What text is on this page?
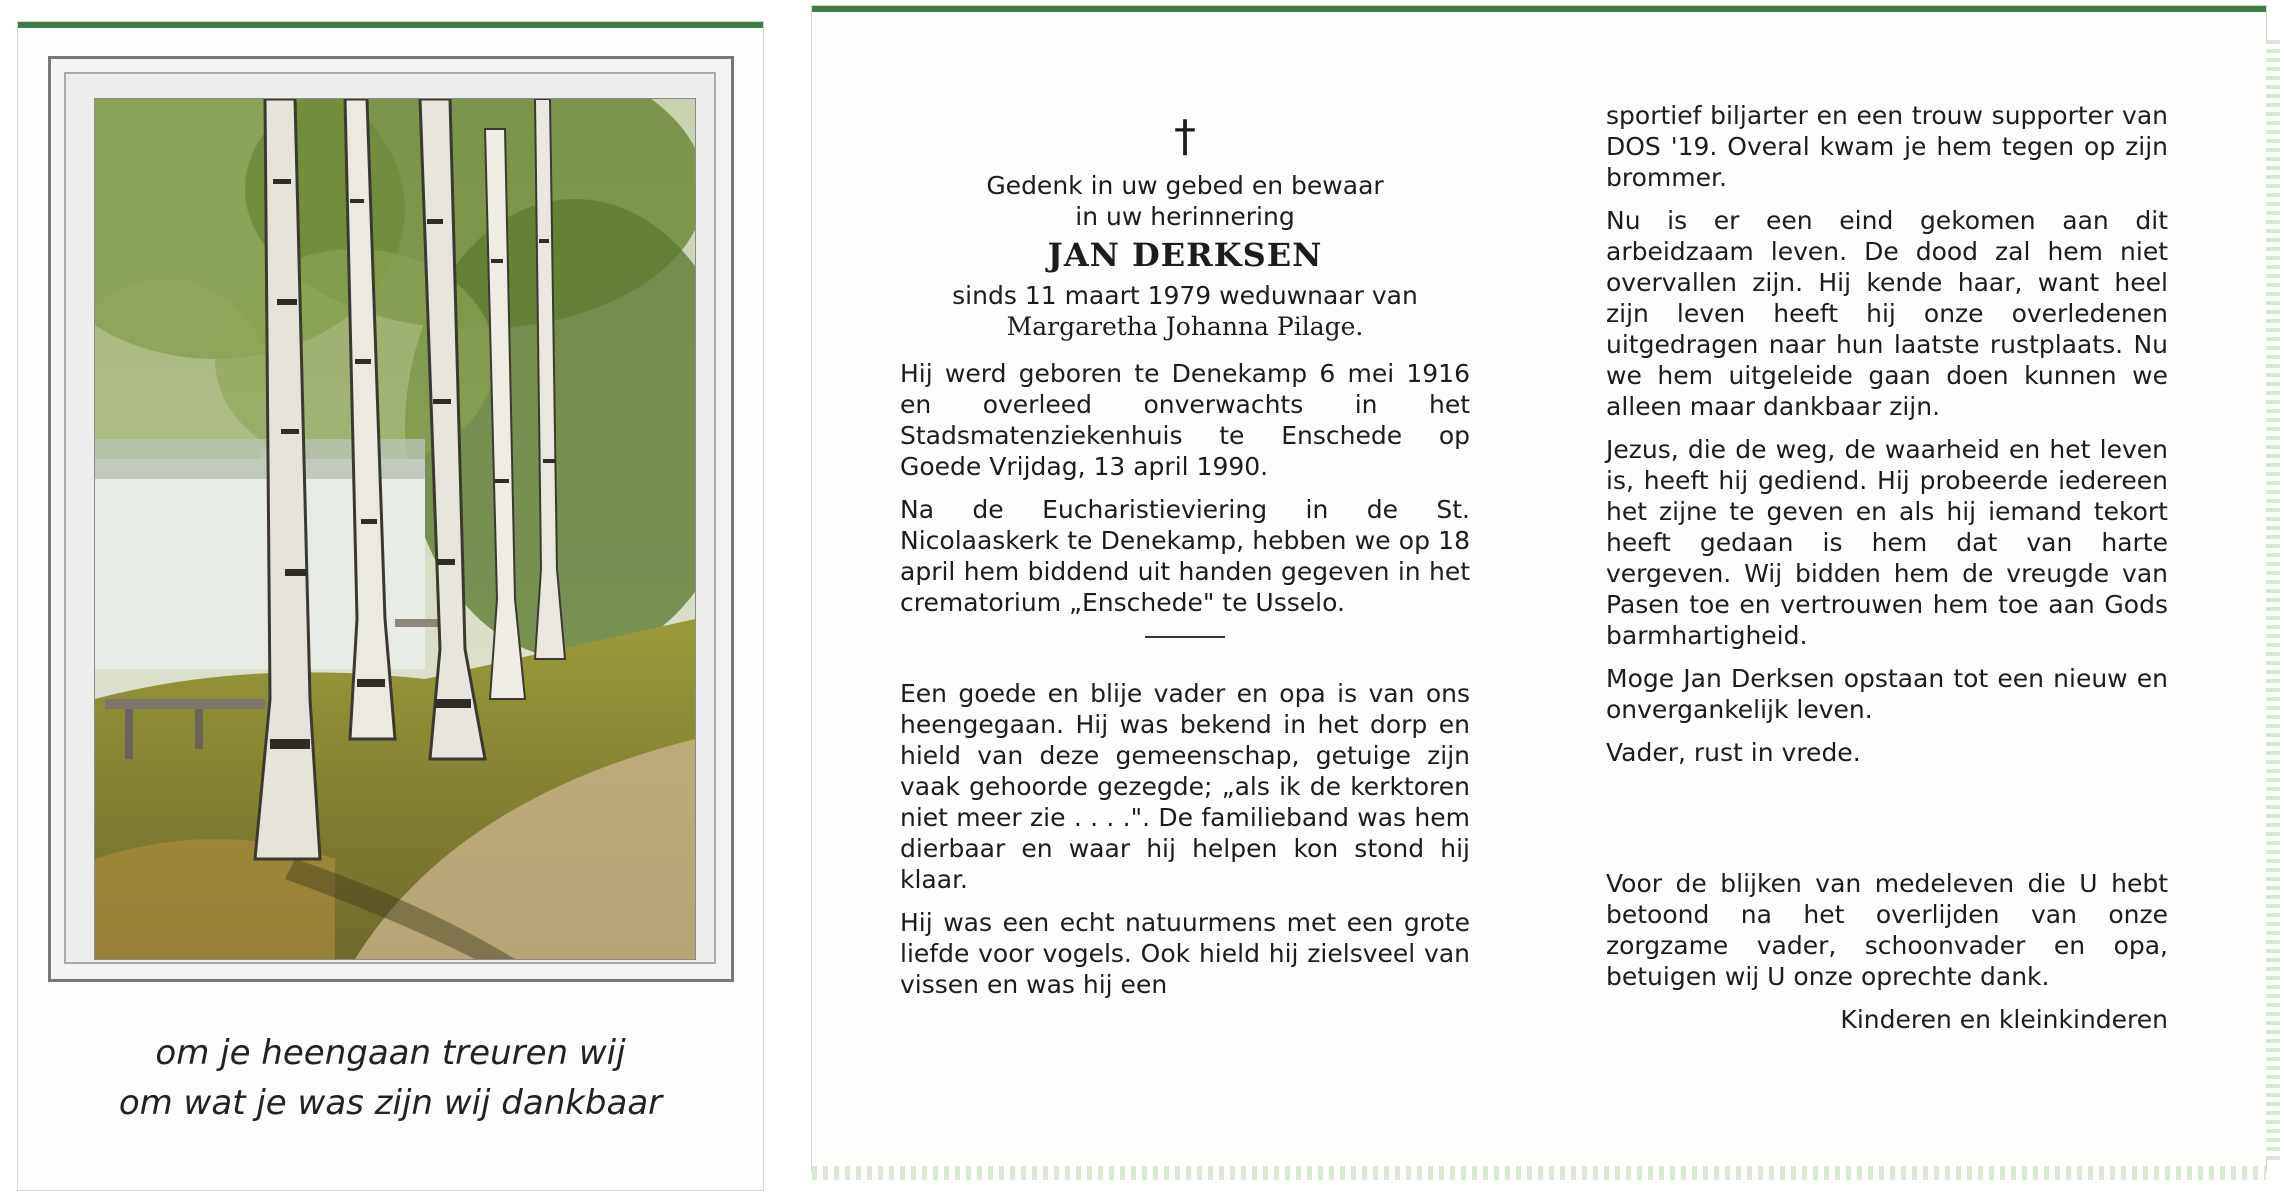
om je heengaan treuren wij
om wat je was zijn wij dankbaar
†
Gedenk in uw gebed en bewaar
in uw herinnering
JAN DERKSEN
sinds 11 maart 1979 weduwnaar van
Margaretha Johanna Pilage.
Hij werd geboren te Denekamp 6 mei 1916 en overleed onverwachts in het Stadsmatenziekenhuis te Enschede op Goede Vrijdag, 13 april 1990.
Na de Eucharistieviering in de St. Nicolaaskerk te Denekamp, hebben we op 18 april hem biddend uit handen gegeven in het crematorium „Enschede" te Usselo.
Een goede en blije vader en opa is van ons heengegaan. Hij was bekend in het dorp en hield van deze gemeenschap, getuige zijn vaak gehoorde gezegde; „als ik de kerktoren niet meer zie . . . .". De familieband was hem dierbaar en waar hij helpen kon stond hij klaar.
Hij was een echt natuurmens met een grote liefde voor vogels. Ook hield hij zielsveel van vissen en was hij een
sportief biljarter en een trouw supporter van DOS '19. Overal kwam je hem tegen op zijn brommer.
Nu is er een eind gekomen aan dit arbeidzaam leven. De dood zal hem niet overvallen zijn. Hij kende haar, want heel zijn leven heeft hij onze overledenen uitgedragen naar hun laatste rustplaats. Nu we hem uitgeleide gaan doen kunnen we alleen maar dankbaar zijn.
Jezus, die de weg, de waarheid en het leven is, heeft hij gediend. Hij probeerde iedereen het zijne te geven en als hij iemand tekort heeft gedaan is hem dat van harte vergeven. Wij bidden hem de vreugde van Pasen toe en vertrouwen hem toe aan Gods barmhartigheid.
Moge Jan Derksen opstaan tot een nieuw en onvergankelijk leven.
Vader, rust in vrede.
Voor de blijken van medeleven die U hebt betoond na het overlijden van onze zorgzame vader, schoonvader en opa, betuigen wij U onze oprechte dank.
Kinderen en kleinkinderen
